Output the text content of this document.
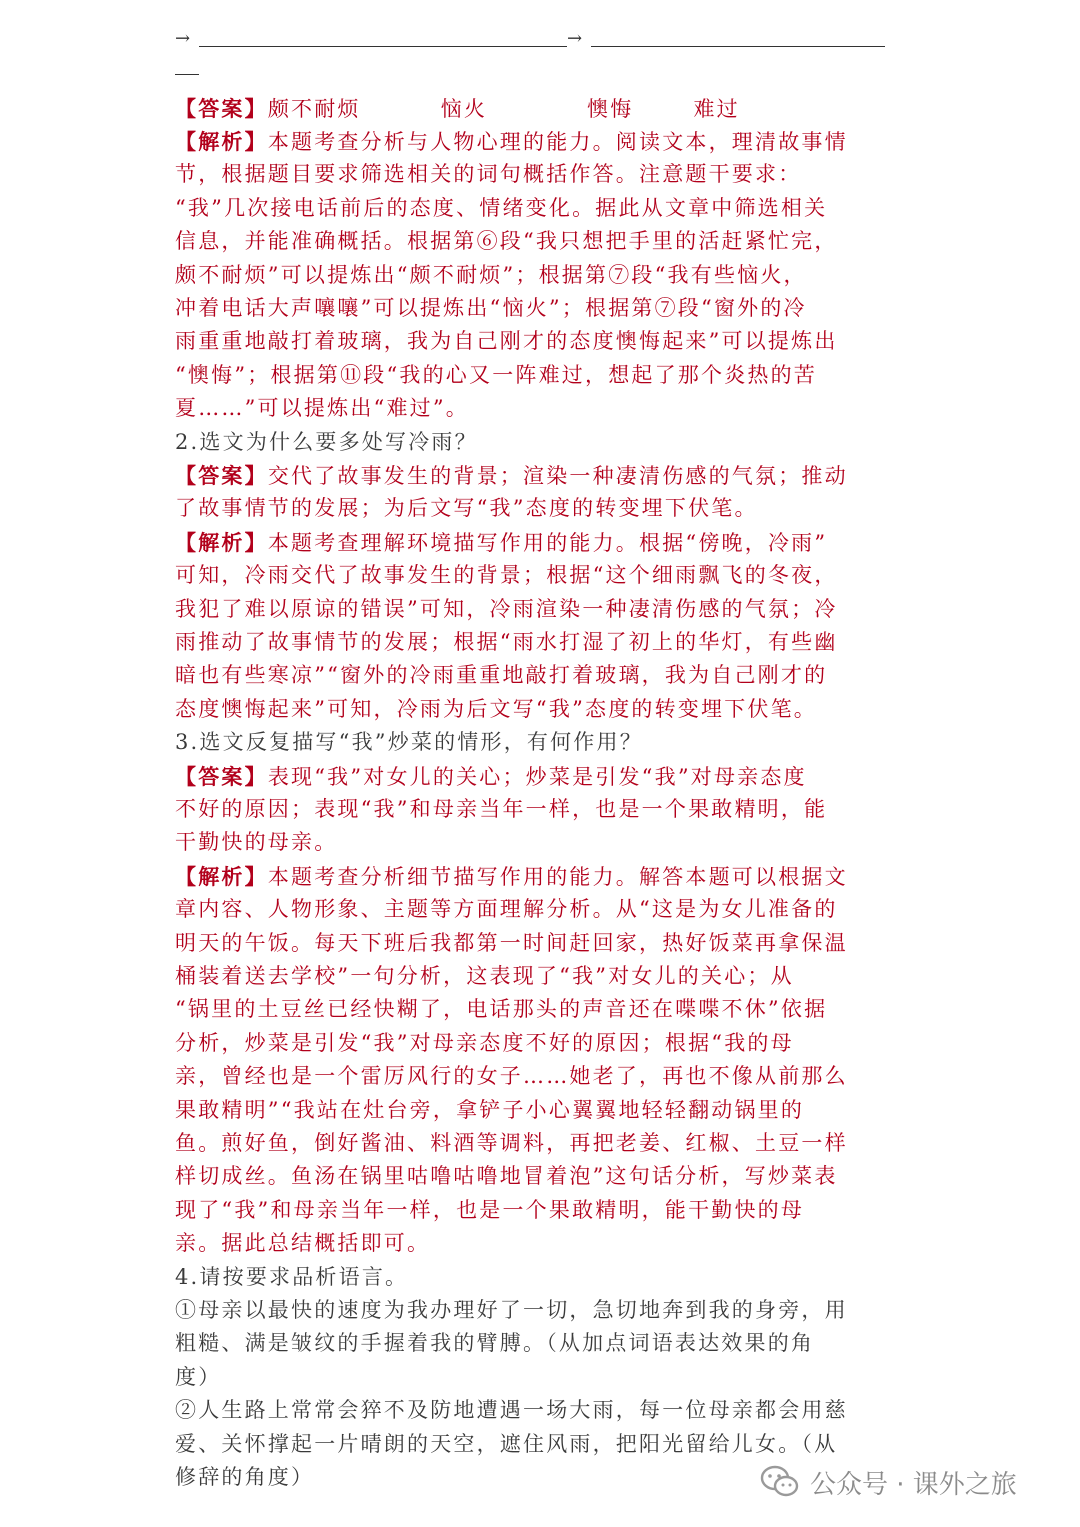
→	→
【答案】颇不耐烦	恼火	懊悔	难过
【解析】本题考查分析与人物心理的能力。阅读文本，理清故事情
节，根据题目要求筛选相关的词句概括作答。注意题干要求：
“我”几次接电话前后的态度、情绪变化。据此从文章中筛选相关
信息，并能准确概括。根据第⑥段“我只想把手里的活赶紧忙完，
颇不耐烦”可以提炼出“颇不耐烦”；根据第⑦段“我有些恼火，
冲着电话大声嚷嚷”可以提炼出“恼火”；根据第⑦段“窗外的冷
雨重重地敲打着玻璃，我为自己刚才的态度懊悔起来”可以提炼出
“懊悔”；根据第⑪段“我的心又一阵难过，想起了那个炎热的苦
夏……”可以提炼出“难过”。
2.选文为什么要多处写冷雨？
【答案】交代了故事发生的背景；渲染一种凄清伤感的气氛；推动
了故事情节的发展；为后文写“我”态度的转变埋下伏笔。
【解析】本题考查理解环境描写作用的能力。根据“傍晚，冷雨”
可知，冷雨交代了故事发生的背景；根据“这个细雨飘飞的冬夜，
我犯了难以原谅的错误”可知，冷雨渲染一种凄清伤感的气氛；冷
雨推动了故事情节的发展；根据“雨水打湿了初上的华灯，有些幽
暗也有些寒凉”“窗外的冷雨重重地敲打着玻璃，我为自己刚才的
态度懊悔起来”可知，冷雨为后文写“我”态度的转变埋下伏笔。
3.选文反复描写“我”炒菜的情形，有何作用？
【答案】表现“我”对女儿的关心；炒菜是引发“我”对母亲态度
不好的原因；表现“我”和母亲当年一样，也是一个果敢精明，能
干勤快的母亲。
【解析】本题考查分析细节描写作用的能力。解答本题可以根据文
章内容、人物形象、主题等方面理解分析。从“这是为女儿准备的
明天的午饭。每天下班后我都第一时间赶回家，热好饭菜再拿保温
桶装着送去学校”一句分析，这表现了“我”对女儿的关心；从
“锅里的土豆丝已经快糊了，电话那头的声音还在喋喋不休”依据
分析，炒菜是引发“我”对母亲态度不好的原因；根据“我的母
亲，曾经也是一个雷厉风行的女子……她老了，再也不像从前那么
果敢精明”“我站在灶台旁，拿铲子小心翼翼地轻轻翻动锅里的
鱼。煎好鱼，倒好酱油、料酒等调料，再把老姜、红椒、土豆一样
样切成丝。鱼汤在锅里咕噜咕噜地冒着泡”这句话分析，写炒菜表
现了“我”和母亲当年一样，也是一个果敢精明，能干勤快的母
亲。据此总结概括即可。
4.请按要求品析语言。
①母亲以最快的速度为我办理好了一切，急切地奔到我的身旁，用
粗糙、满是皱纹的手握着我的臂膊。（从加点词语表达效果的角
度）
②人生路上常常会猝不及防地遭遇一场大雨，每一位母亲都会用慈
爱、关怀撑起一片晴朗的天空，遮住风雨，把阳光留给儿女。（从
修辞的角度）	公众号 · 课外之旅
